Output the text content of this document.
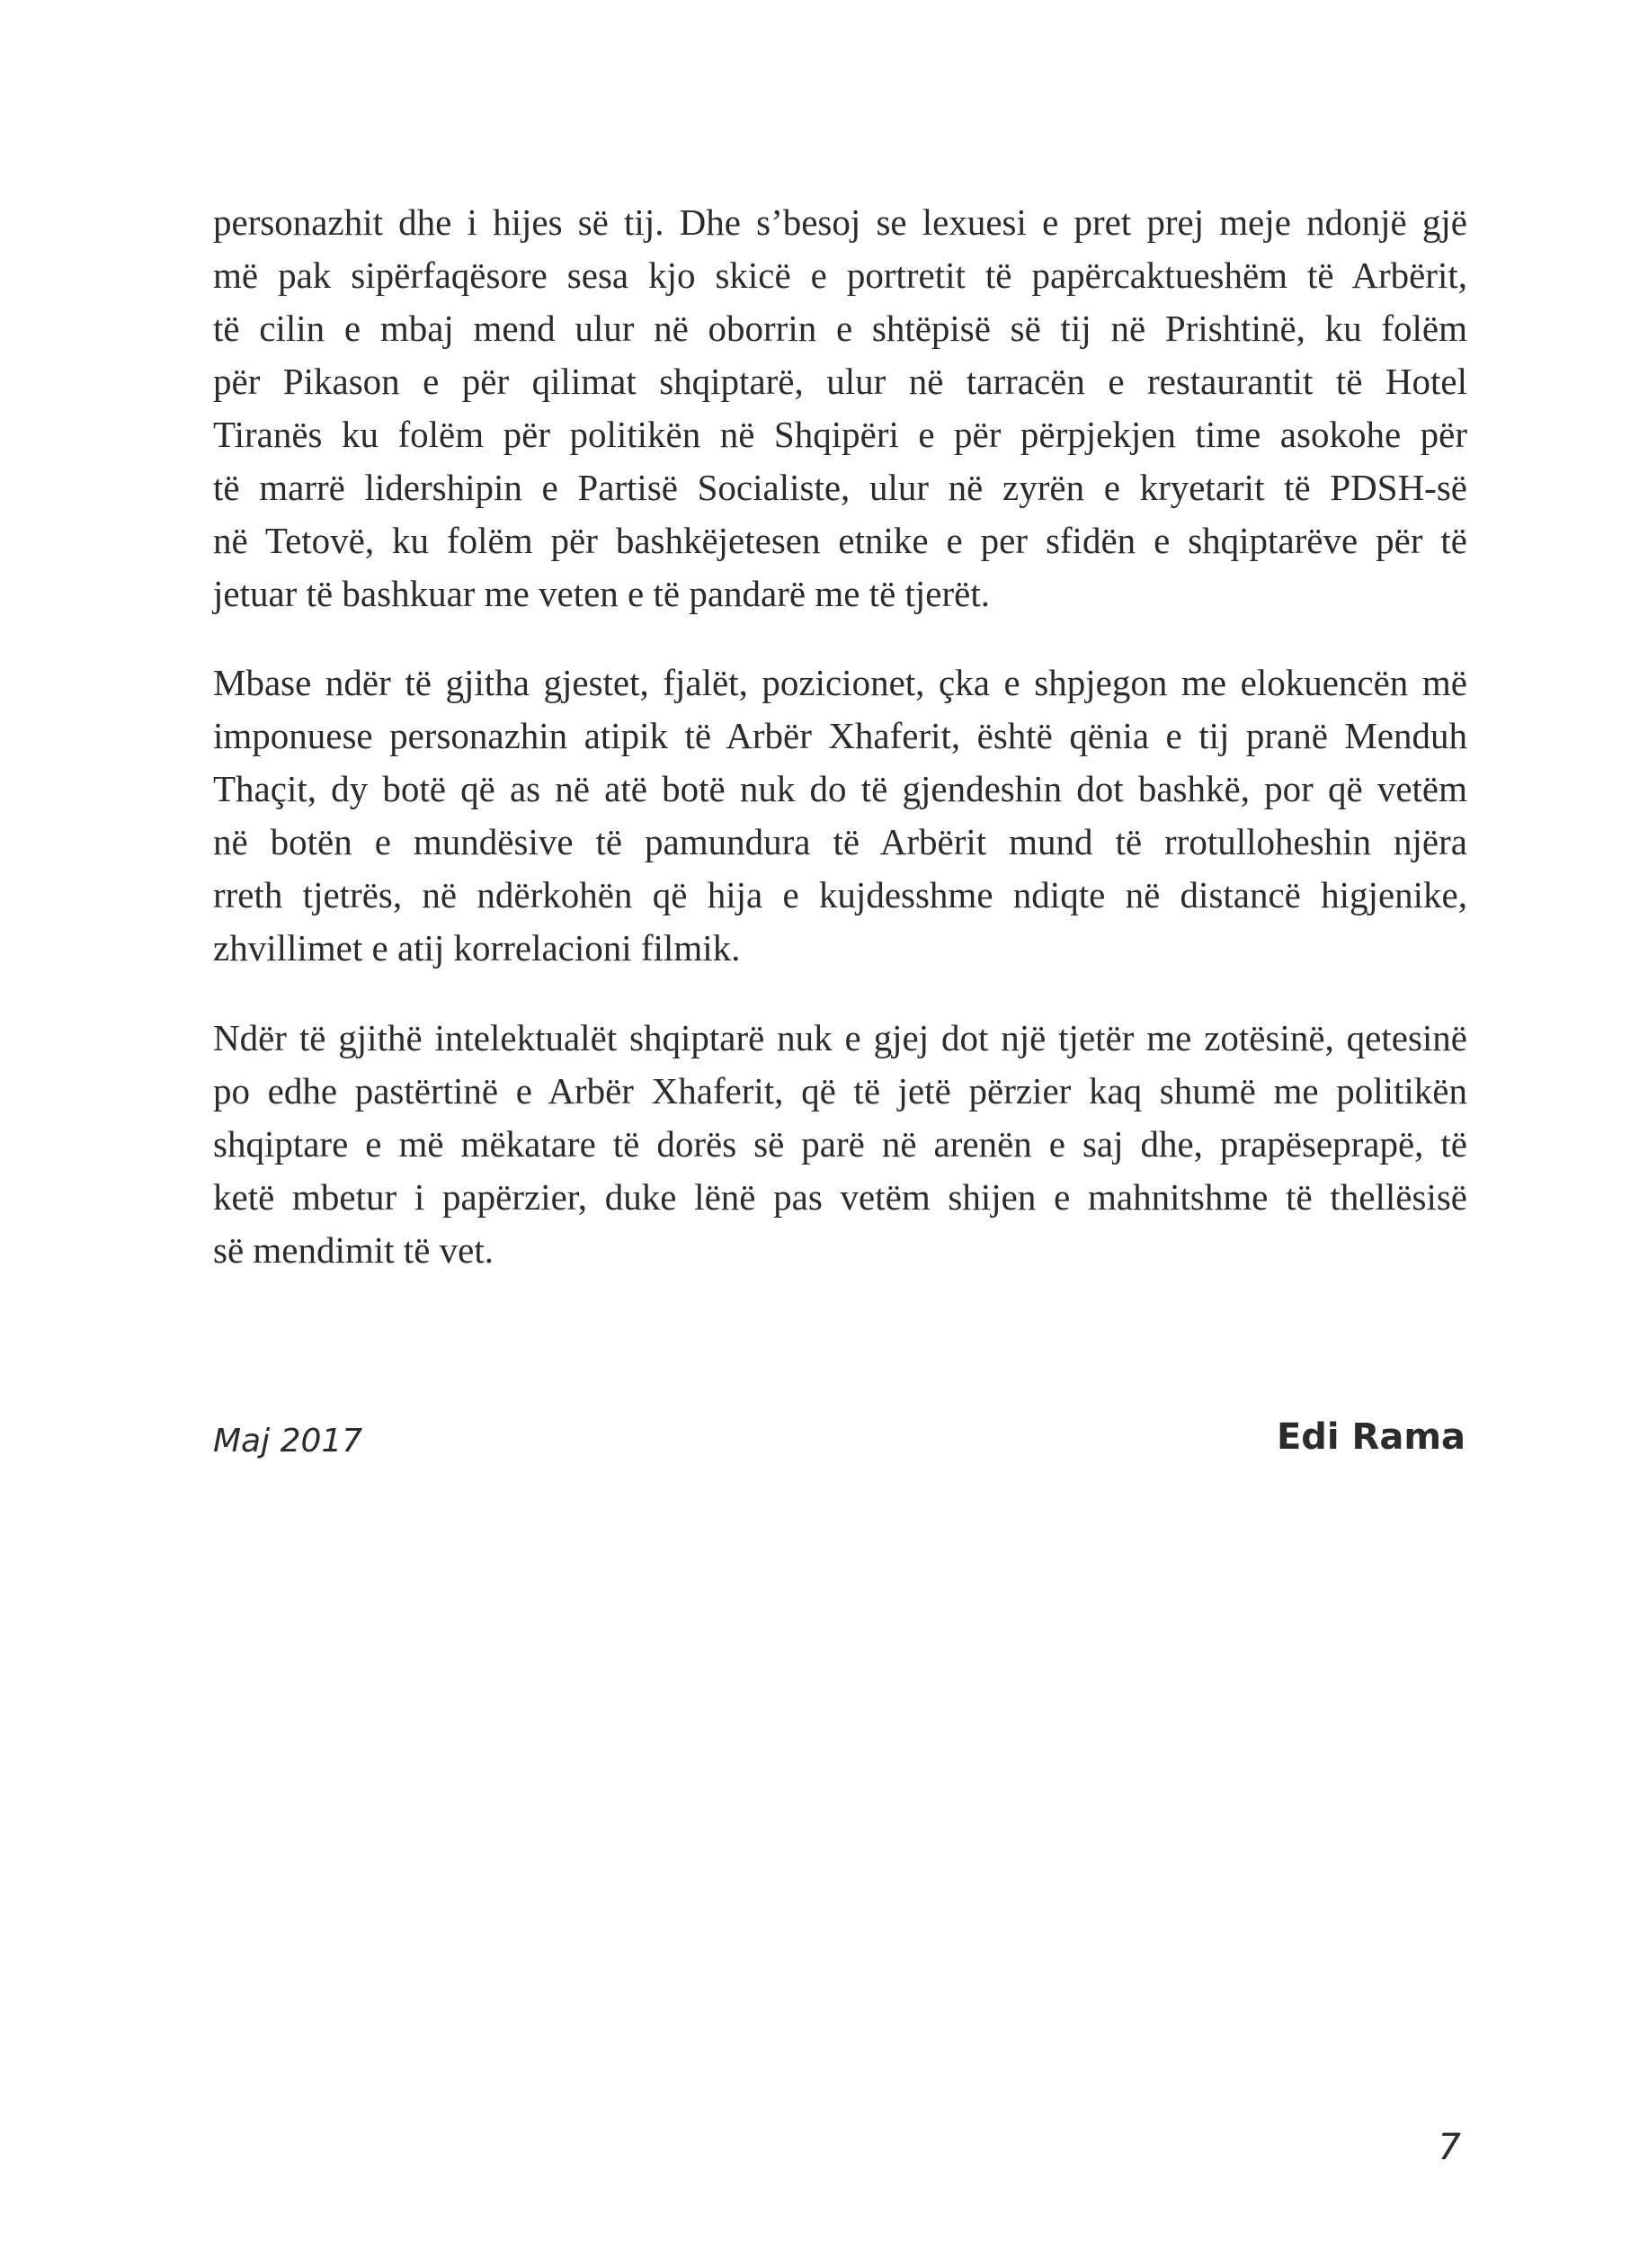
personazhit dhe i hijes së tij. Dhe s’besoj se lexuesi e pret prej meje ndonjë gjë

më pak sipërfaqësore sesa kjo skicë e portretit të papërcaktueshëm të Arbërit,

të cilin e mbaj mend ulur në oborrin e shtëpisë së tij në Prishtinë, ku folëm

për Pikason e për qilimat shqiptarë, ulur në tarracën e restaurantit të Hotel

Tiranës ku folëm për politikën në Shqipëri e për përpjekjen time asokohe për

të marrë lidershipin e Partisë Socialiste, ulur në zyrën e kryetarit të PDSH-së

në Tetovë, ku folëm për bashkëjetesen etnike e per sfidën e shqiptarëve për të

jetuar të bashkuar me veten e të pandarë me të tjerët.

Mbase ndër të gjitha gjestet, fjalët, pozicionet, çka e shpjegon me elokuencën më

imponuese personazhin atipik të Arbër Xhaferit, është qënia e tij pranë Menduh

Thaçit, dy botë që as në atë botë nuk do të gjendeshin dot bashkë, por që vetëm

në botën e mundësive të pamundura të Arbërit mund të rrotulloheshin njëra

rreth tjetrës, në ndërkohën që hija e kujdesshme ndiqte në distancë higjenike,

zhvillimet e atij korrelacioni filmik.

Ndër të gjithë intelektualët shqiptarë nuk e gjej dot një tjetër me zotësinë, qetesinë

po edhe pastërtinë e Arbër Xhaferit, që të jetë përzier kaq shumë me politikën

shqiptare e më mëkatare të dorës së parë në arenën e saj dhe, prapëseprapë, të

ketë mbetur i papërzier, duke lënë pas vetëm shijen e mahnitshme të thellësisë

së mendimit të vet.

Maj 2017	Edi Rama

7
